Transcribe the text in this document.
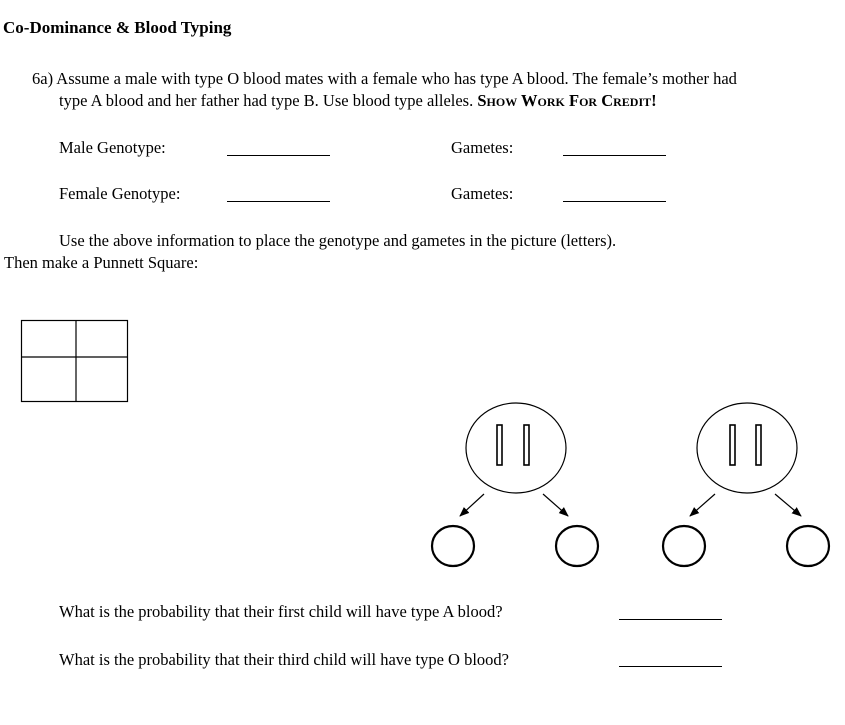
Co-Dominance & Blood Typing
6a) Assume a male with type O blood mates with a female who has type A blood. The female’s mother had
type A blood and her father had type B. Use blood type alleles. Show Work For Credit!
Male Genotype:	Gametes:
Female Genotype:	Gametes:
Use the above information to place the genotype and gametes in the picture (letters).
Then make a Punnett Square:
What is the probability that their first child will have type A blood?
What is the probability that their third child will have type O blood?
